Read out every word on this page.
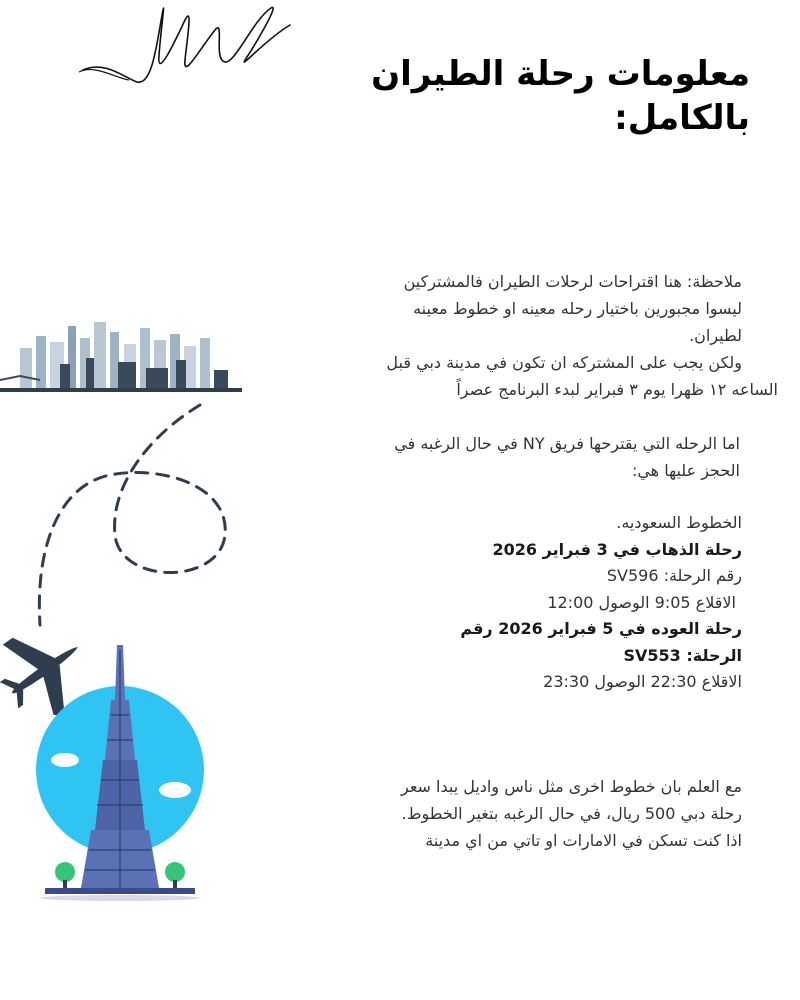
معلومات رحلة الطيران
بالكامل:
ملاحظة: هنا اقتراحات لرحلات الطيران فالمشتركين
ليسوا مجبورين باختيار رحله معينه او خطوط معينه
لطيران.
ولكن يجب على المشتركه ان تكون في مدينة دبي قبل
الساعه ١٢ ظهرا يوم ٣ فبراير لبدء البرنامج عصراً
اما الرحله التي يقترحها فريق NY في حال الرغبه في
الحجز عليها هي:
الخطوط السعوديه.
رحلة الذهاب في 3 فبراير 2026
رقم الرحلة: SV596
الاقلاع 9:05 الوصول 12:00
رحلة العوده في 5 فبراير 2026 رقم
الرحلة: SV553
الاقلاع 22:30 الوصول 23:30
مع العلم بان خطوط اخرى مثل ناس واديل يبدا سعر
رحلة دبي 500 ريال، في حال الرغبه بتغير الخطوط.
اذا كنت تسكن في الامارات او تاتي من اي مدينة
